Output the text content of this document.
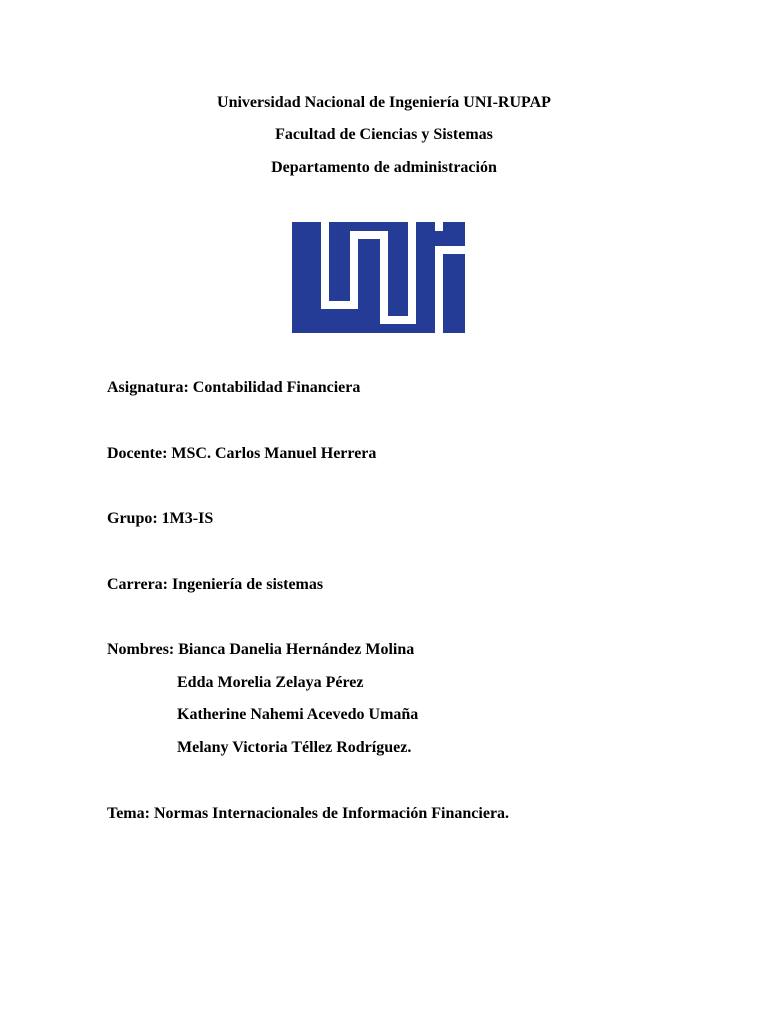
Universidad Nacional de Ingeniería UNI-RUPAP
Facultad de Ciencias y Sistemas
Departamento de administración
Asignatura: Contabilidad Financiera
Docente: MSC. Carlos Manuel Herrera
Grupo: 1M3-IS
Carrera: Ingeniería de sistemas
Nombres: Bianca Danelia Hernández Molina
Edda Morelia Zelaya Pérez
Katherine Nahemi Acevedo Umaña
Melany Victoria Téllez Rodríguez.
Tema: Normas Internacionales de Información Financiera.
